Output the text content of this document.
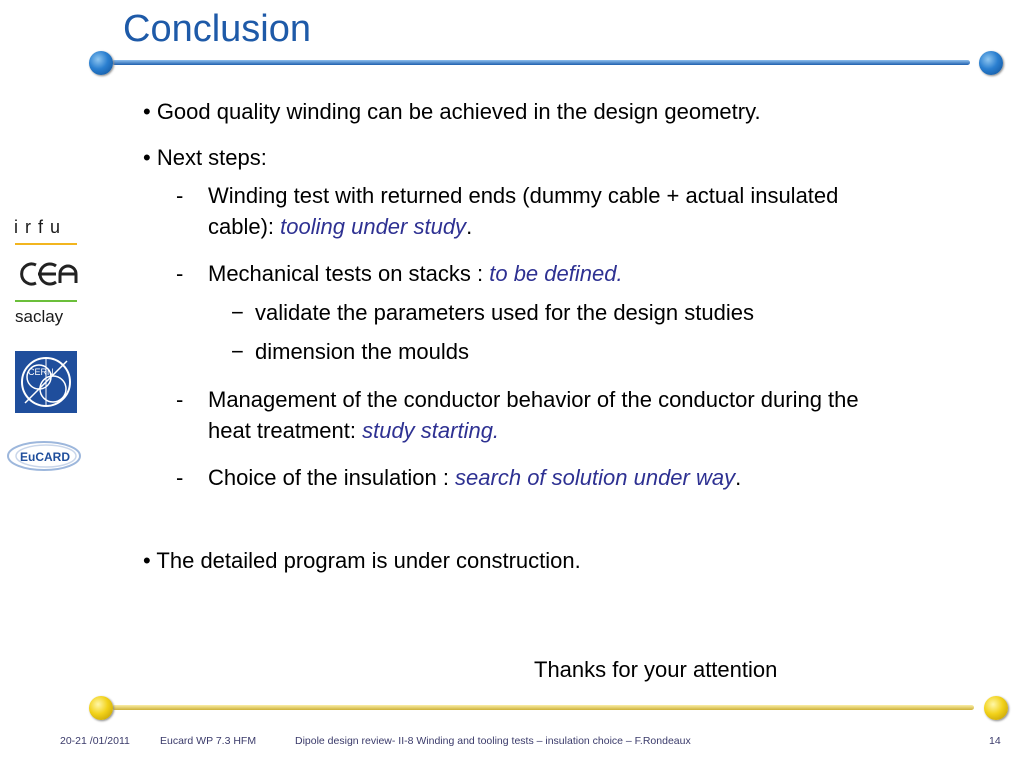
Conclusion
irfu
saclay
CERN
EuCARD
• Good quality winding can be achieved in the design geometry.
• Next steps:
- Winding test with returned ends (dummy cable + actual insulated
cable): tooling under study.
- Mechanical tests on stacks : to be defined.
− validate the parameters used for the design studies
− dimension the moulds
- Management of the conductor behavior of the conductor during the
heat treatment: study starting.
- Choice of the insulation : search of solution under way.
• The detailed program is under construction.
Thanks for your attention
20-21 /01/2011	Eucard WP 7.3 HFM	Dipole design review- II-8 Winding and tooling tests – insulation choice – F.Rondeaux	14
